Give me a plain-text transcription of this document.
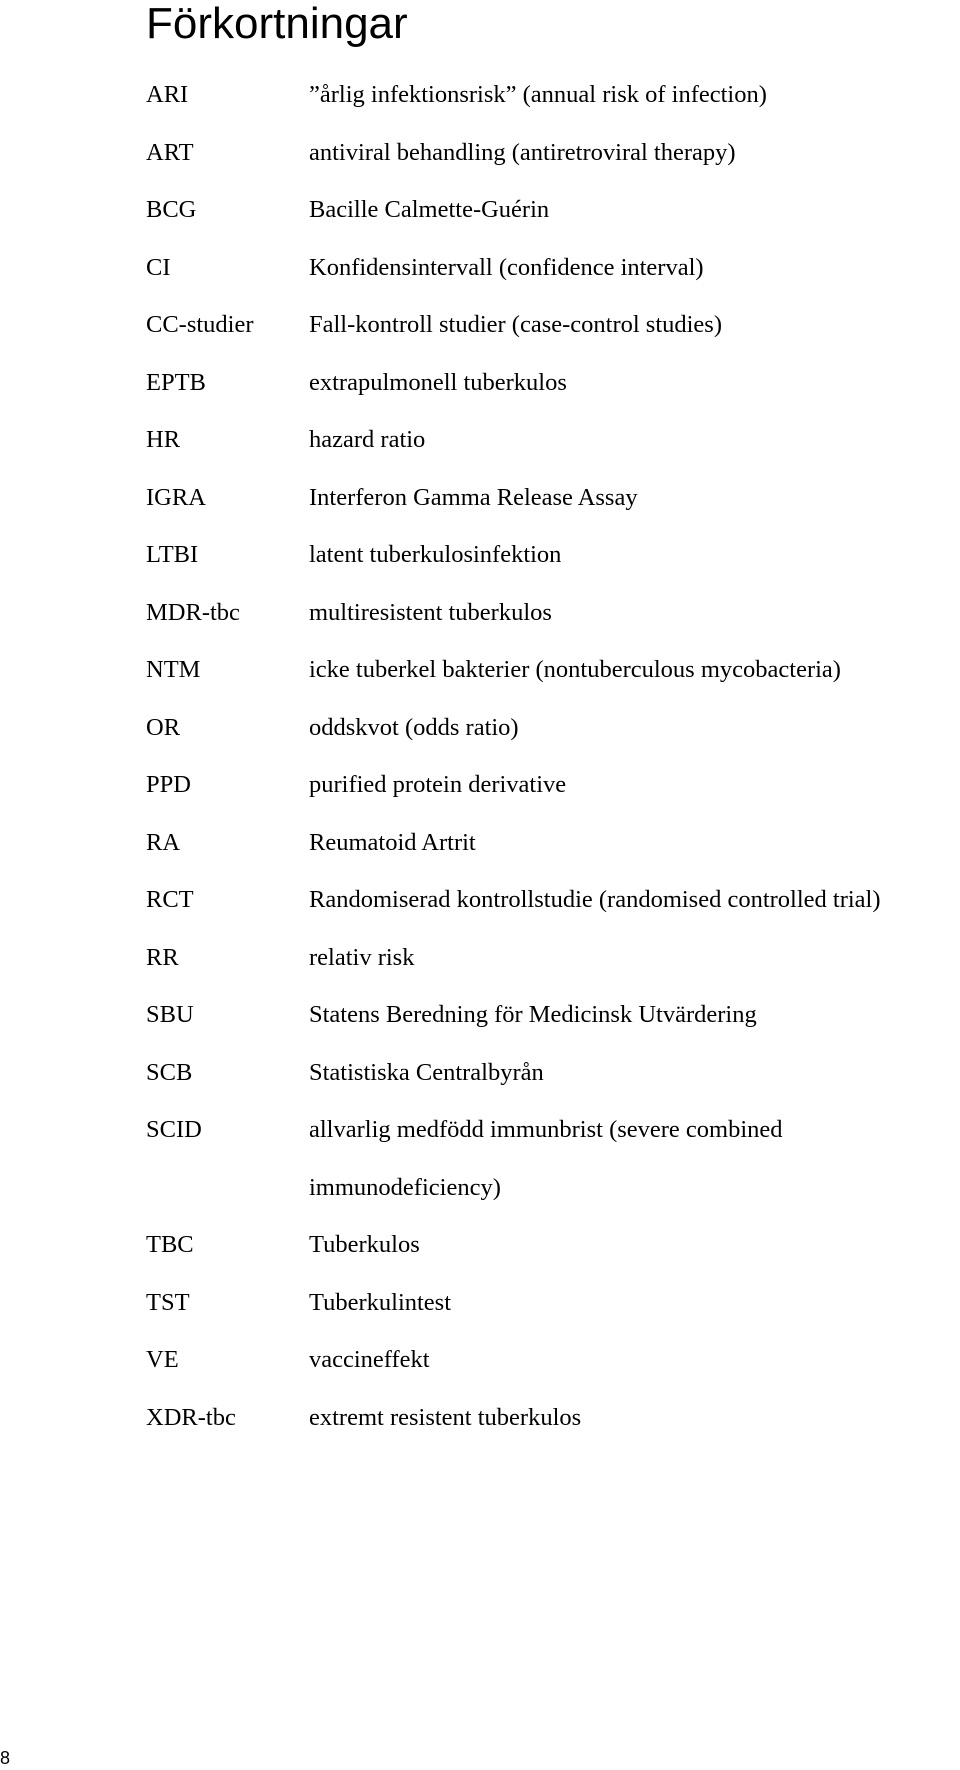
Förkortningar
ARI	”årlig infektionsrisk” (annual risk of infection)
ART	antiviral behandling (antiretroviral therapy)
BCG	Bacille Calmette-Guérin
CI	Konfidensintervall (confidence interval)
CC-studier	Fall-kontroll studier (case-control studies)
EPTB	extrapulmonell tuberkulos
HR	hazard ratio
IGRA	Interferon Gamma Release Assay
LTBI	latent tuberkulosinfektion
MDR-tbc	multiresistent tuberkulos
NTM	icke tuberkel bakterier (nontuberculous mycobacteria)
OR	oddskvot (odds ratio)
PPD	purified protein derivative
RA	Reumatoid Artrit
RCT	Randomiserad kontrollstudie (randomised controlled trial)
RR	relativ risk
SBU	Statens Beredning för Medicinsk Utvärdering
SCB	Statistiska Centralbyrån
SCID	allvarlig medfödd immunbrist (severe combined immunodeficiency)
TBC	Tuberkulos
TST	Tuberkulintest
VE	vaccineffekt
XDR-tbc	extremt resistent tuberkulos
8
